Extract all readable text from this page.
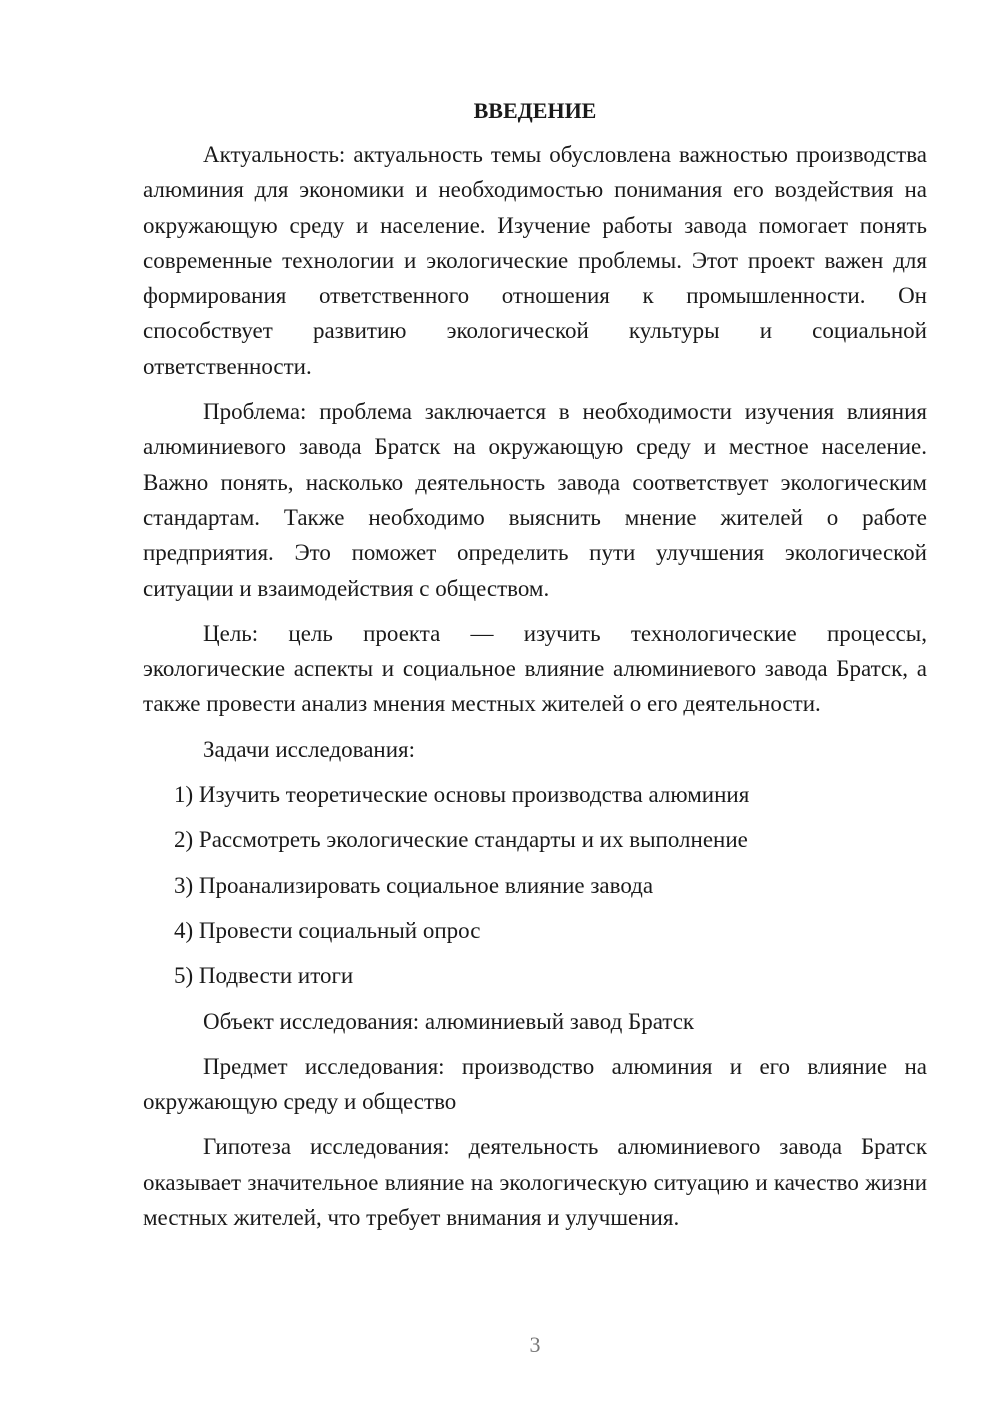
ВВЕДЕНИЕ

Актуальность: актуальность темы обусловлена важностью производства алюминия для экономики и необходимостью понимания его воздействия на окружающую среду и население. Изучение работы завода помогает понять современные технологии и экологические проблемы. Этот проект важен для формирования ответственного отношения к промышленности. Он способствует развитию экологической культуры и социальной ответственности.

Проблема: проблема заключается в необходимости изучения влияния алюминиевого завода Братск на окружающую среду и местное население. Важно понять, насколько деятельность завода соответствует экологическим стандартам. Также необходимо выяснить мнение жителей о работе предприятия. Это поможет определить пути улучшения экологической ситуации и взаимодействия с обществом.

Цель: цель проекта — изучить технологические процессы, экологические аспекты и социальное влияние алюминиевого завода Братск, а также провести анализ мнения местных жителей о его деятельности.

Задачи исследования:
1) Изучить теоретические основы производства алюминия
2) Рассмотреть экологические стандарты и их выполнение
3) Проанализировать социальное влияние завода
4) Провести социальный опрос
5) Подвести итоги
Объект исследования: алюминиевый завод Братск

Предмет исследования: производство алюминия и его влияние на окружающую среду и общество

Гипотеза исследования: деятельность алюминиевого завода Братск оказывает значительное влияние на экологическую ситуацию и качество жизни местных жителей, что требует внимания и улучшения.

3
